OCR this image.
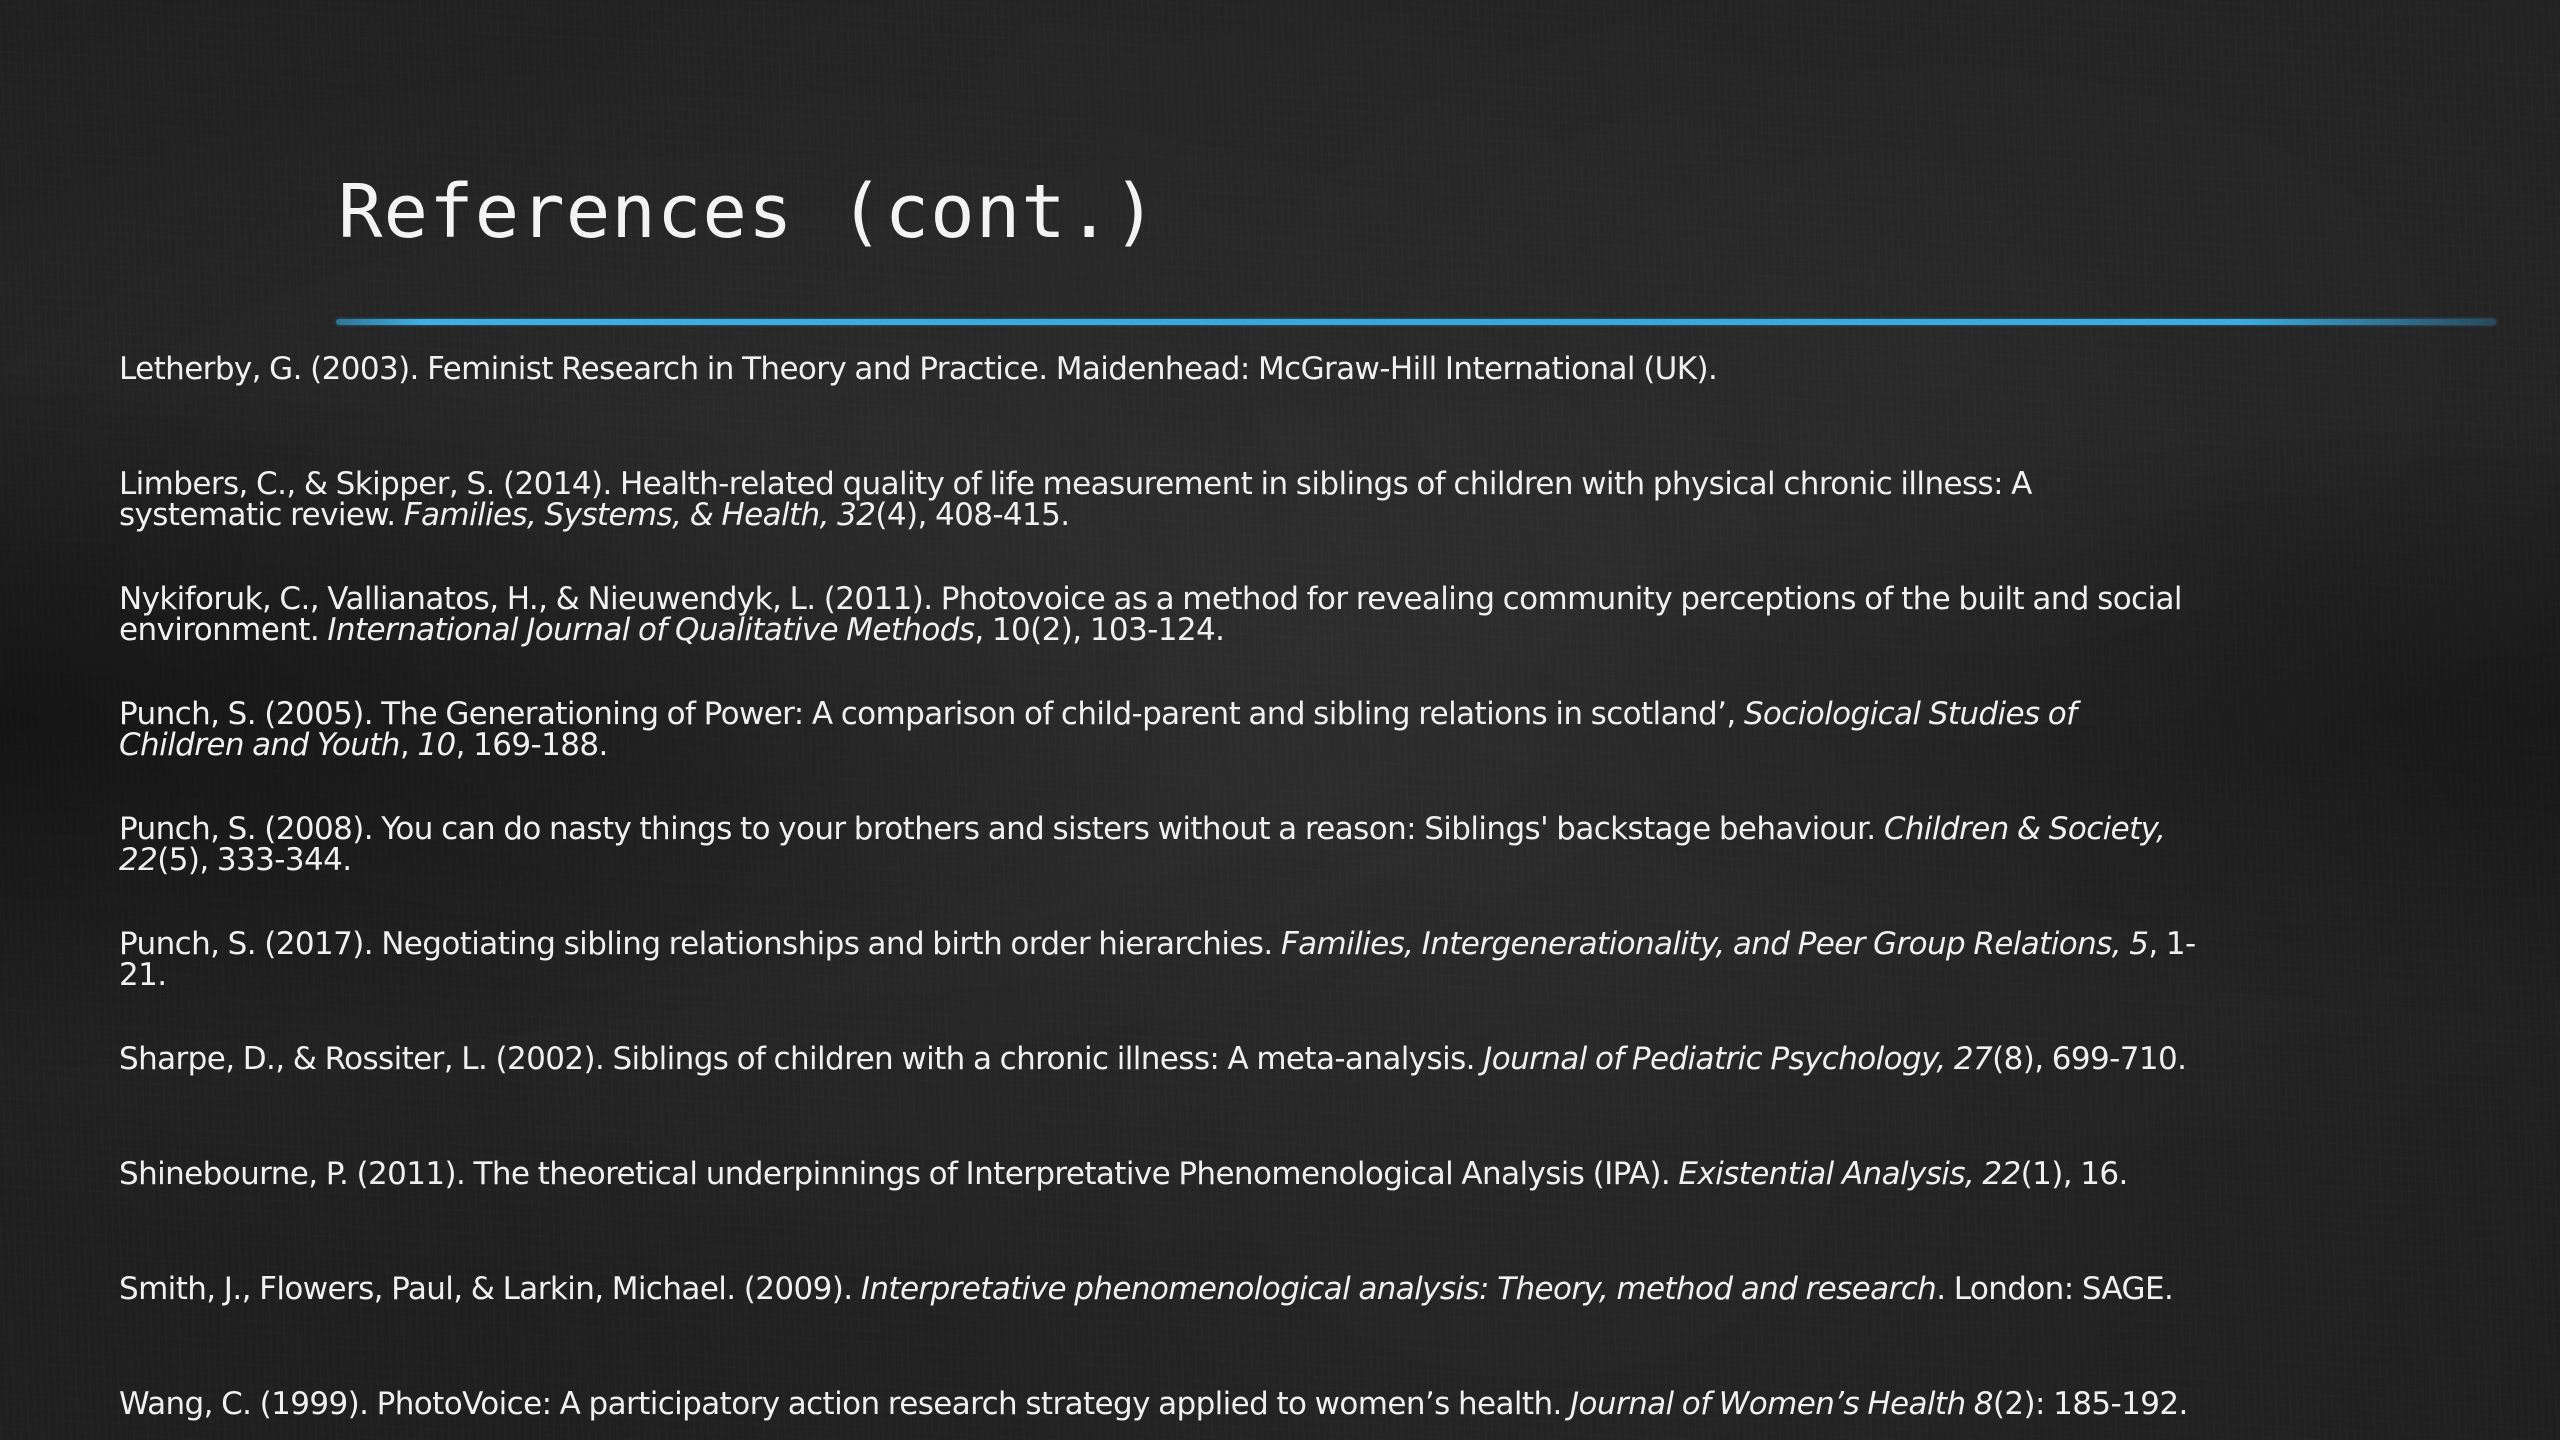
References (cont.)
Letherby, G. (2003). Feminist Research in Theory and Practice. Maidenhead: McGraw-Hill International (UK).
Limbers, C., & Skipper, S. (2014). Health-related quality of life measurement in siblings of children with physical chronic illness: A systematic review. Families, Systems, & Health, 32(4), 408-415.
Nykiforuk, C., Vallianatos, H., & Nieuwendyk, L. (2011). Photovoice as a method for revealing community perceptions of the built and social environment. International Journal of Qualitative Methods, 10(2), 103-124.
Punch, S. (2005). The Generationing of Power: A comparison of child-parent and sibling relations in scotland’, Sociological Studies of Children and Youth, 10, 169-188.
Punch, S. (2008). You can do nasty things to your brothers and sisters without a reason: Siblings' backstage behaviour. Children & Society, 22(5), 333-344.
Punch, S. (2017). Negotiating sibling relationships and birth order hierarchies. Families, Intergenerationality, and Peer Group Relations, 5, 1-21.
Sharpe, D., & Rossiter, L. (2002). Siblings of children with a chronic illness: A meta-analysis. Journal of Pediatric Psychology, 27(8), 699-710.
Shinebourne, P. (2011). The theoretical underpinnings of Interpretative Phenomenological Analysis (IPA). Existential Analysis, 22(1), 16.
Smith, J., Flowers, Paul, & Larkin, Michael. (2009). Interpretative phenomenological analysis: Theory, method and research. London: SAGE.
Wang, C. (1999). PhotoVoice: A participatory action research strategy applied to women’s health. Journal of Women’s Health 8(2): 185-192.
